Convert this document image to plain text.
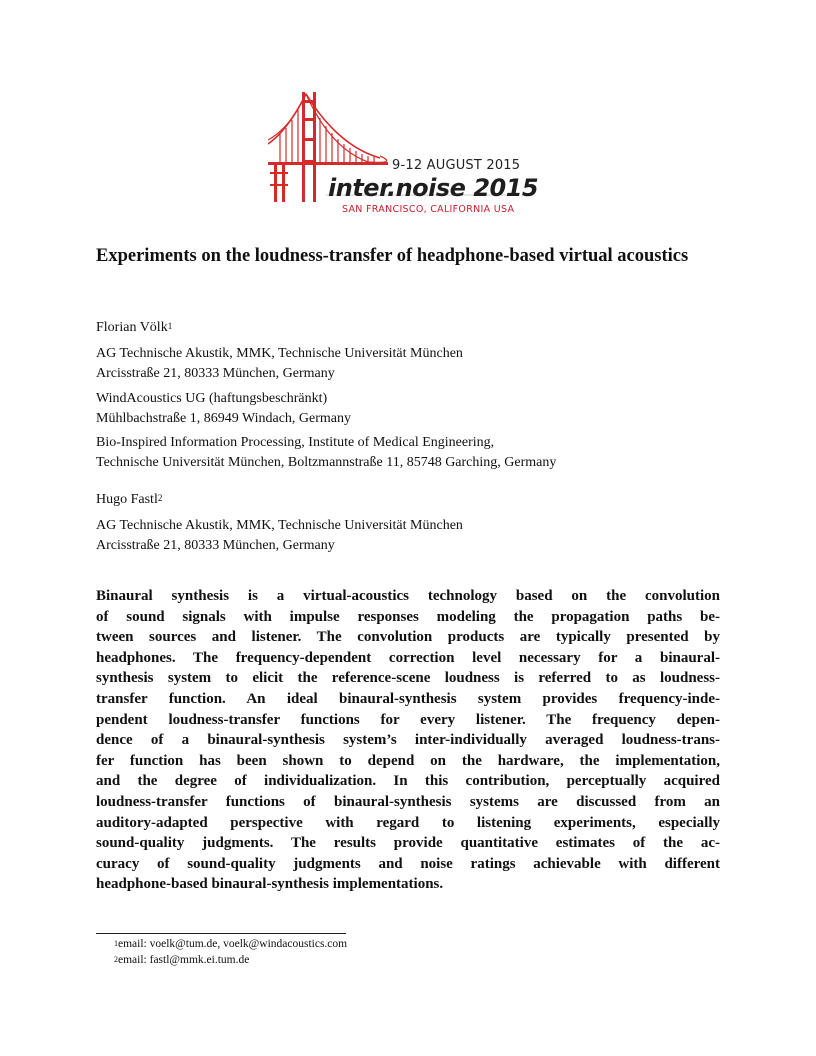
9-12 AUGUST 2015
inter.noise 2015
SAN FRANCISCO, CALIFORNIA USA
Experiments on the loudness-transfer of headphone-based virtual acoustics
Florian Völk$^1$
AG Technische Akustik, MMK, Technische Universität München
Arcisstraße 21, 80333 München, Germany
WindAcoustics UG (haftungsbeschränkt)
Mühlbachstraße 1, 86949 Windach, Germany
Bio-Inspired Information Processing, Institute of Medical Engineering,
Technische Universität München, Boltzmannstraße 11, 85748 Garching, Germany
Hugo Fastl$^2$
AG Technische Akustik, MMK, Technische Universität München
Arcisstraße 21, 80333 München, Germany
Binaural synthesis is a virtual-acoustics technology based on the convolution
of sound signals with impulse responses modeling the propagation paths be-
tween sources and listener. The convolution products are typically presented by
headphones. The frequency-dependent correction level necessary for a binaural-
synthesis system to elicit the reference-scene loudness is referred to as loudness-
transfer function. An ideal binaural-synthesis system provides frequency-inde-
pendent loudness-transfer functions for every listener. The frequency depen-
dence of a binaural-synthesis system’s inter-individually averaged loudness-trans-
fer function has been shown to depend on the hardware, the implementation,
and the degree of individualization. In this contribution, perceptually acquired
loudness-transfer functions of binaural-synthesis systems are discussed from an
auditory-adapted perspective with regard to listening experiments, especially
sound-quality judgments. The results provide quantitative estimates of the ac-
curacy of sound-quality judgments and noise ratings achievable with different
headphone-based binaural-synthesis implementations.
$^1$email: voelk@tum.de, voelk@windacoustics.com
$^2$email: fastl@mmk.ei.tum.de
